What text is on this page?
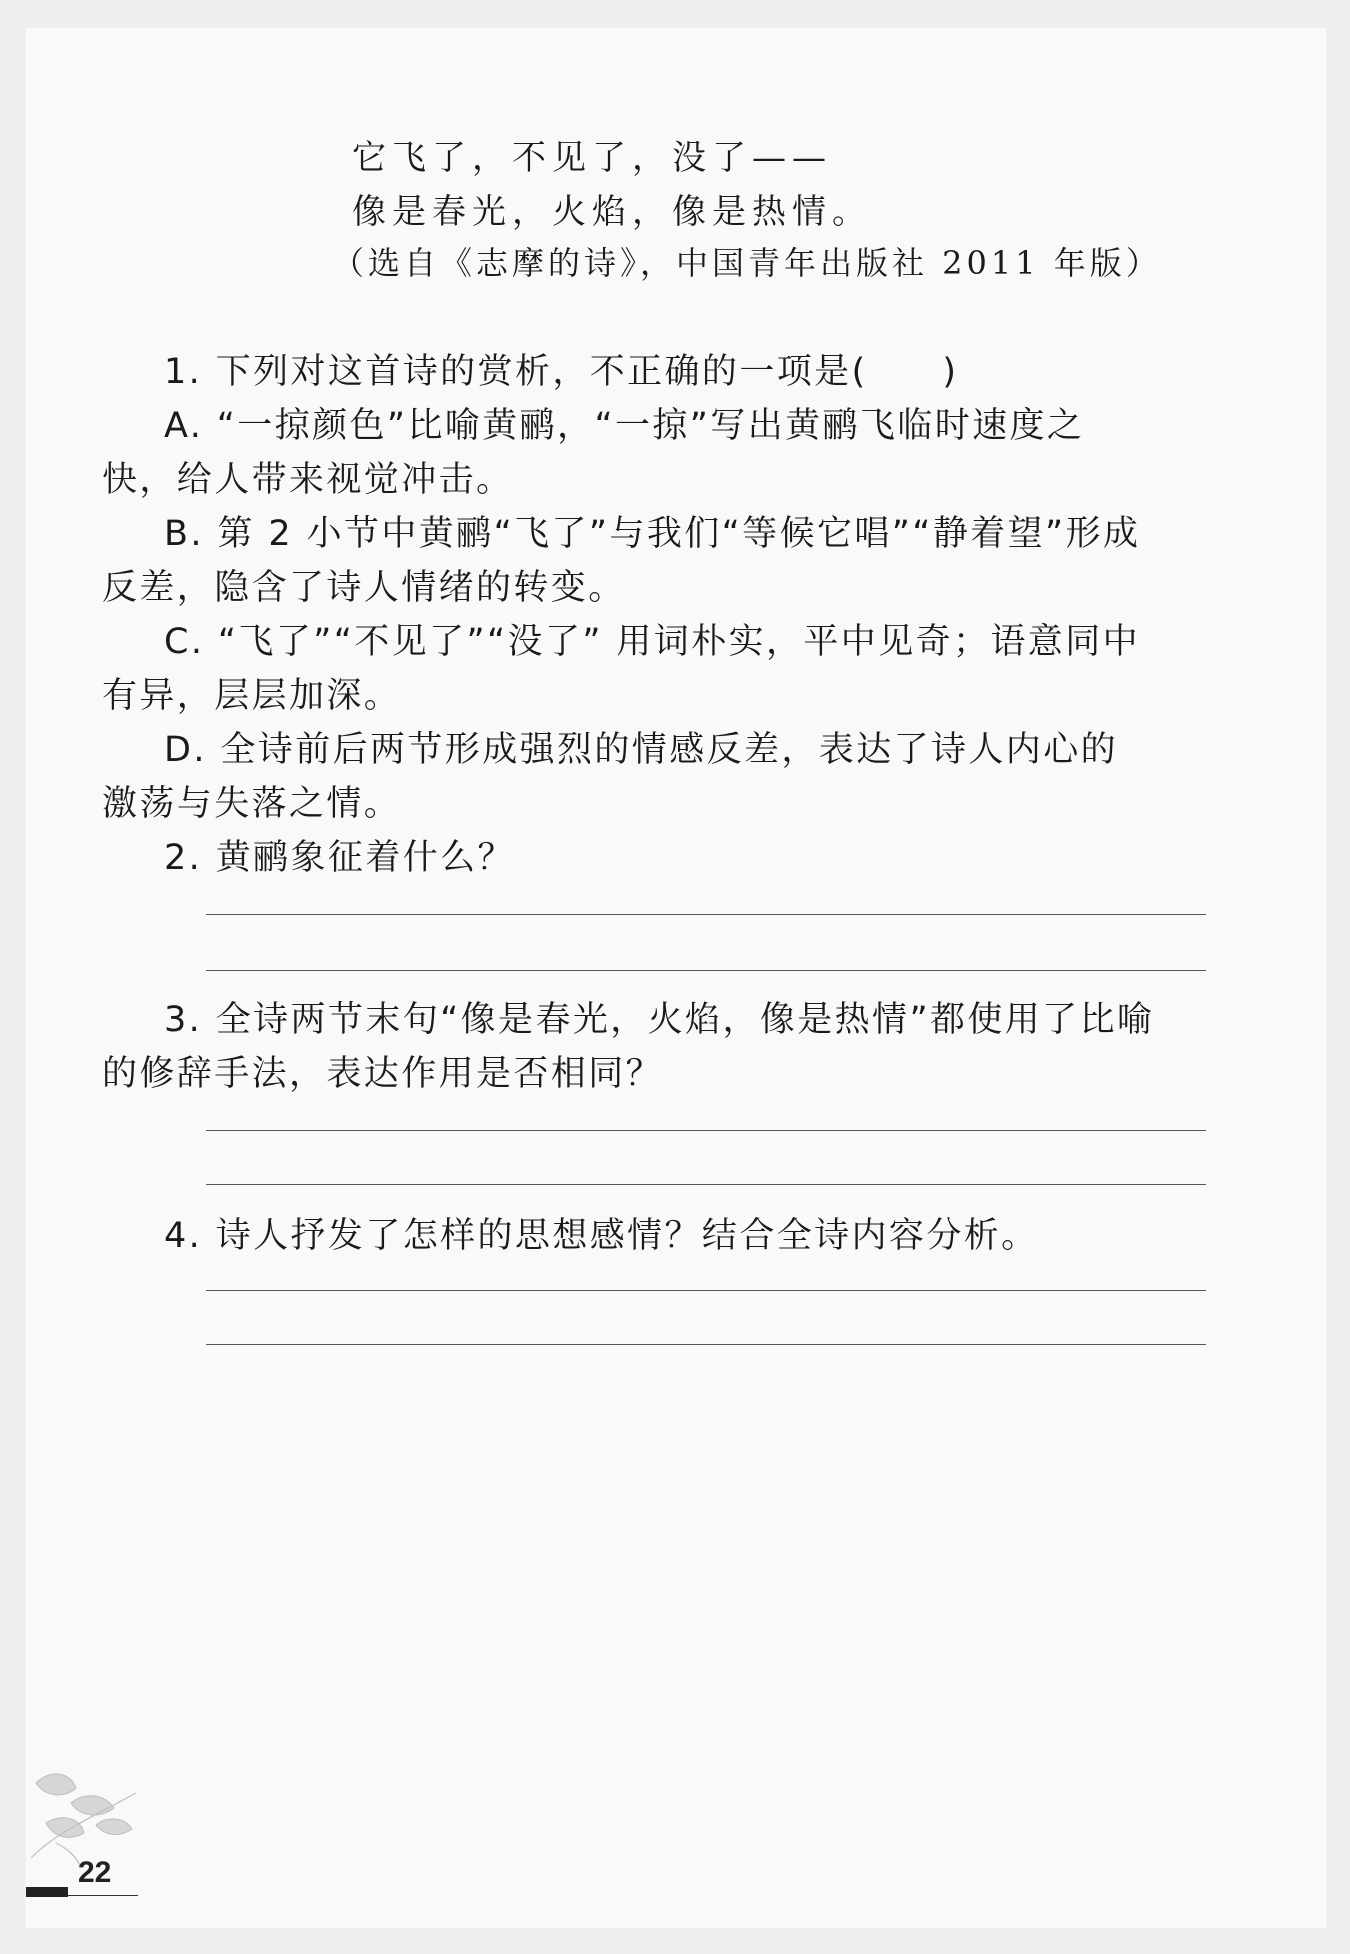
它飞了，不见了，没了——
像是春光，火焰，像是热情。
（选自《志摩的诗》，中国青年出版社 2011 年版）
1. 下列对这首诗的赏析，不正确的一项是(　　)
A. “一掠颜色”比喻黄鹂，“一掠”写出黄鹂飞临时速度之
快，给人带来视觉冲击。
B. 第 2 小节中黄鹂“飞了”与我们“等候它唱”“静着望”形成
反差，隐含了诗人情绪的转变。
C. “飞了”“不见了”“没了” 用词朴实，平中见奇；语意同中
有异，层层加深。
D. 全诗前后两节形成强烈的情感反差，表达了诗人内心的
激荡与失落之情。
2. 黄鹂象征着什么？
3. 全诗两节末句“像是春光，火焰，像是热情”都使用了比喻
的修辞手法，表达作用是否相同？
4. 诗人抒发了怎样的思想感情？结合全诗内容分析。
22
